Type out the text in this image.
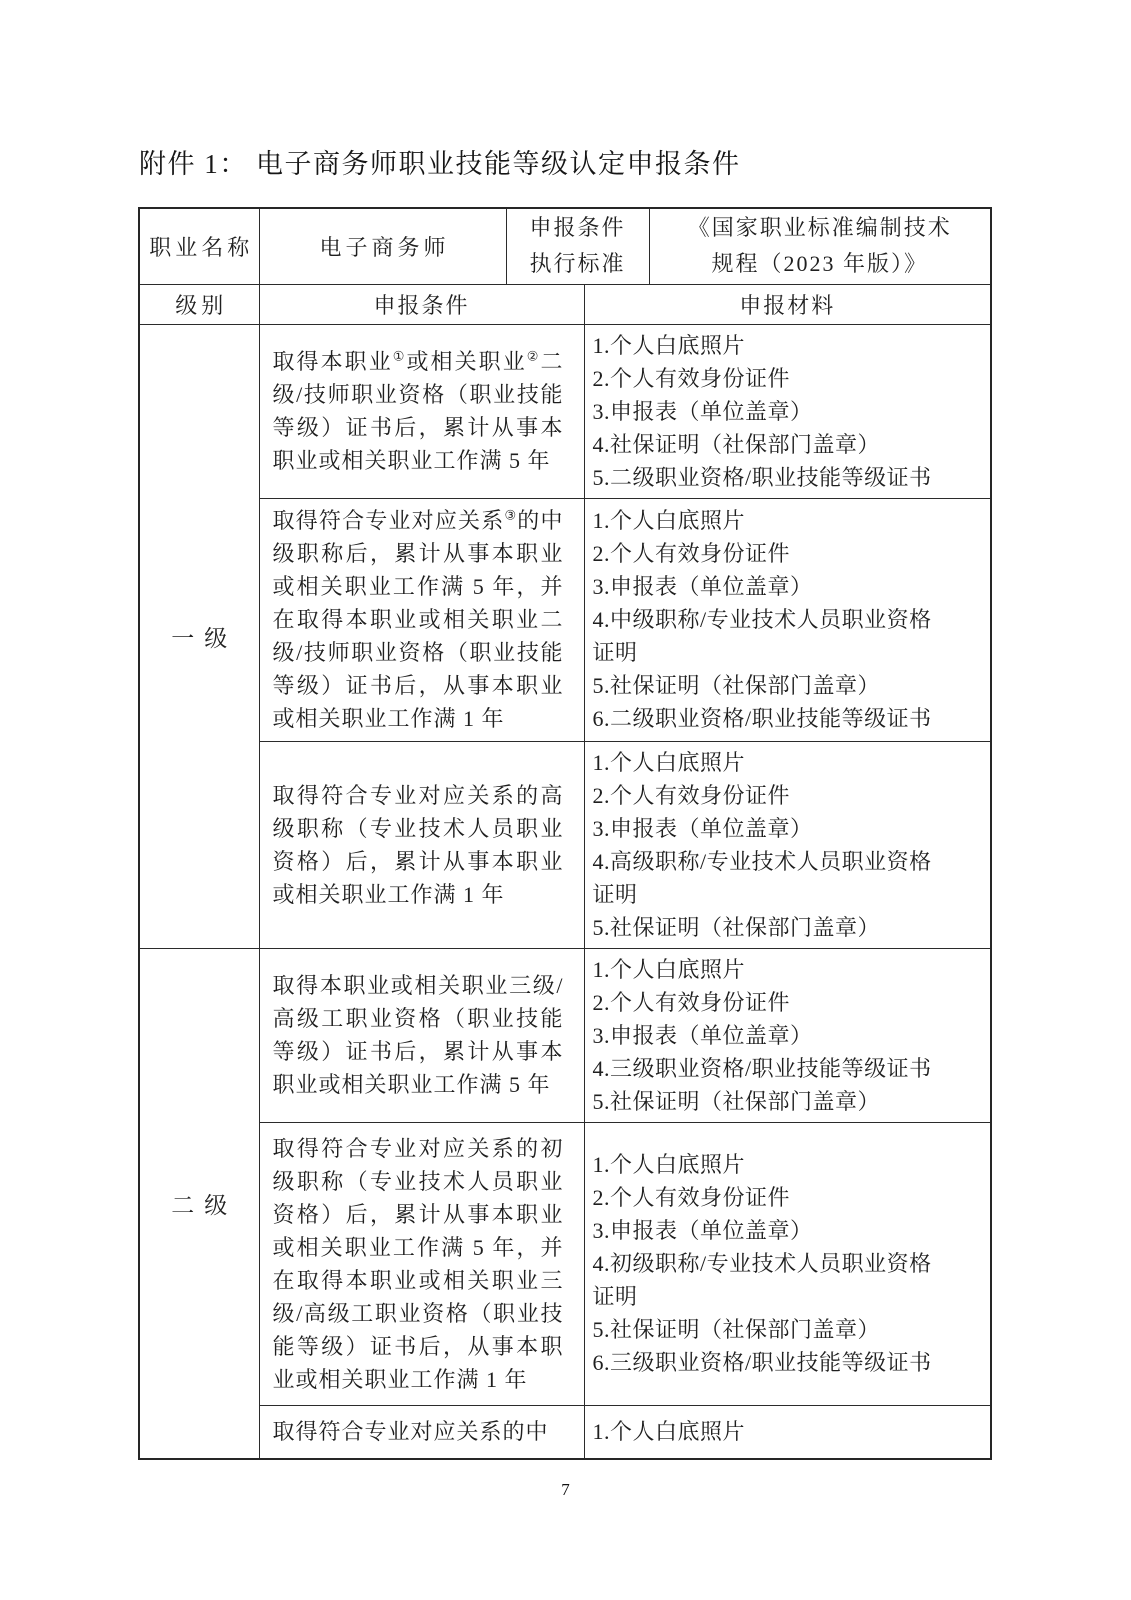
附件 1： 电子商务师职业技能等级认定申报条件
职业名称	电子商务师	
申报条件
执行标准

《国家职业标准编制技术
规程（2023 年版）》

级别	申报条件		申报材料	
一级	取得本职业①或相关职业②二级/技师职业资格（职业技能等级）证书后，累计从事本职业或相关职业工作满 5 年		1.个人白底照片
2.个人有效身份证件
3.申报表（单位盖章）
4.社保证明（社保部门盖章）
5.二级职业资格/职业技能等级证书	

取得符合专业对应关系③的中级职称后，累计从事本职业或相关职业工作满 5 年，并在取得本职业或相关职业二级/技师职业资格（职业技能等级）证书后，从事本职业或相关职业工作满 1 年	
1.个人白底照片
2.个人有效身份证件
3.申报表（单位盖章）
4.中级职称/专业技术人员职业资格证明
5.社保证明（社保部门盖章）
6.二级职业资格/职业技能等级证书

	取得符合专业对应关系的高级职称（专业技术人员职业资格）后，累计从事本职业或相关职业工作满 1 年		1.个人白底照片
2.个人有效身份证件
3.申报表（单位盖章）
4.高级职称/专业技术人员职业资格证明
5.社保证明（社保部门盖章）	

二级	取得本职业或相关职业三级/高级工职业资格（职业技能等级）证书后，累计从事本职业或相关职业工作满 5 年		1.个人白底照片
2.个人有效身份证件
3.申报表（单位盖章）
4.三级职业资格/职业技能等级证书
5.社保证明（社保部门盖章）	

取得符合专业对应关系的初级职称（专业技术人员职业资格）后，累计从事本职业或相关职业工作满 5 年，并在取得本职业或相关职业三级/高级工职业资格（职业技能等级）证书后，从事本职业或相关职业工作满 1 年	
1.个人白底照片
2.个人有效身份证件
3.申报表（单位盖章）
4.初级职称/专业技术人员职业资格证明
5.社保证明（社保部门盖章）
6.三级职业资格/职业技能等级证书

	取得符合专业对应关系的中		1.个人白底照片	
7
